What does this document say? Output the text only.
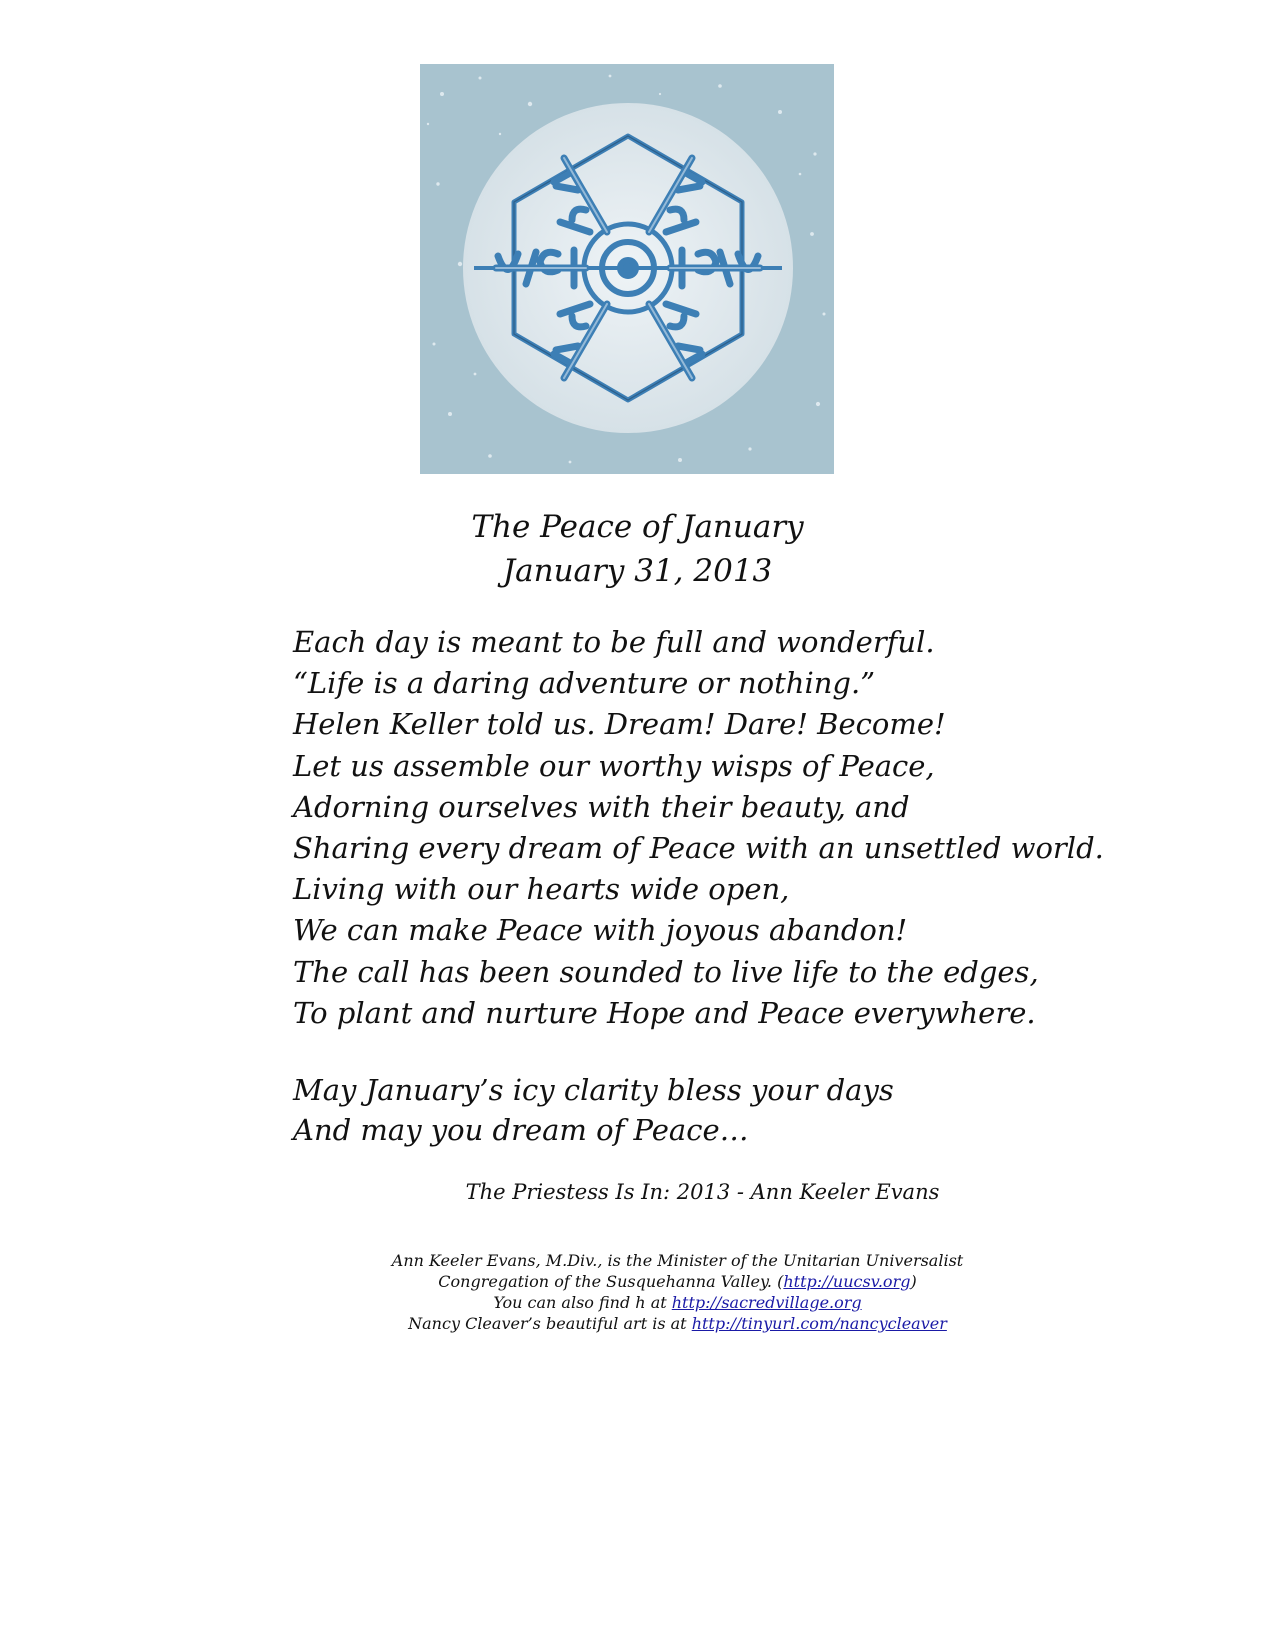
The Peace of January
January 31, 2013
Each day is meant to be full and wonderful.
“Life is a daring adventure or nothing.”
Helen Keller told us. Dream! Dare! Become!
Let us assemble our worthy wisps of Peace,
Adorning ourselves with their beauty, and
Sharing every dream of Peace with an unsettled world.
Living with our hearts wide open,
We can make Peace with joyous abandon!
The call has been sounded to live life to the edges,
To plant and nurture Hope and Peace everywhere.
May January’s icy clarity bless your days
And may you dream of Peace…
The Priestess Is In: 2013 - Ann Keeler Evans
Ann Keeler Evans, M.Div., is the Minister of the Unitarian Universalist
Congregation of the Susquehanna Valley. (http://uucsv.org)
You can also find h at http://sacredvillage.org
Nancy Cleaver’s beautiful art is at http://tinyurl.com/nancycleaver
